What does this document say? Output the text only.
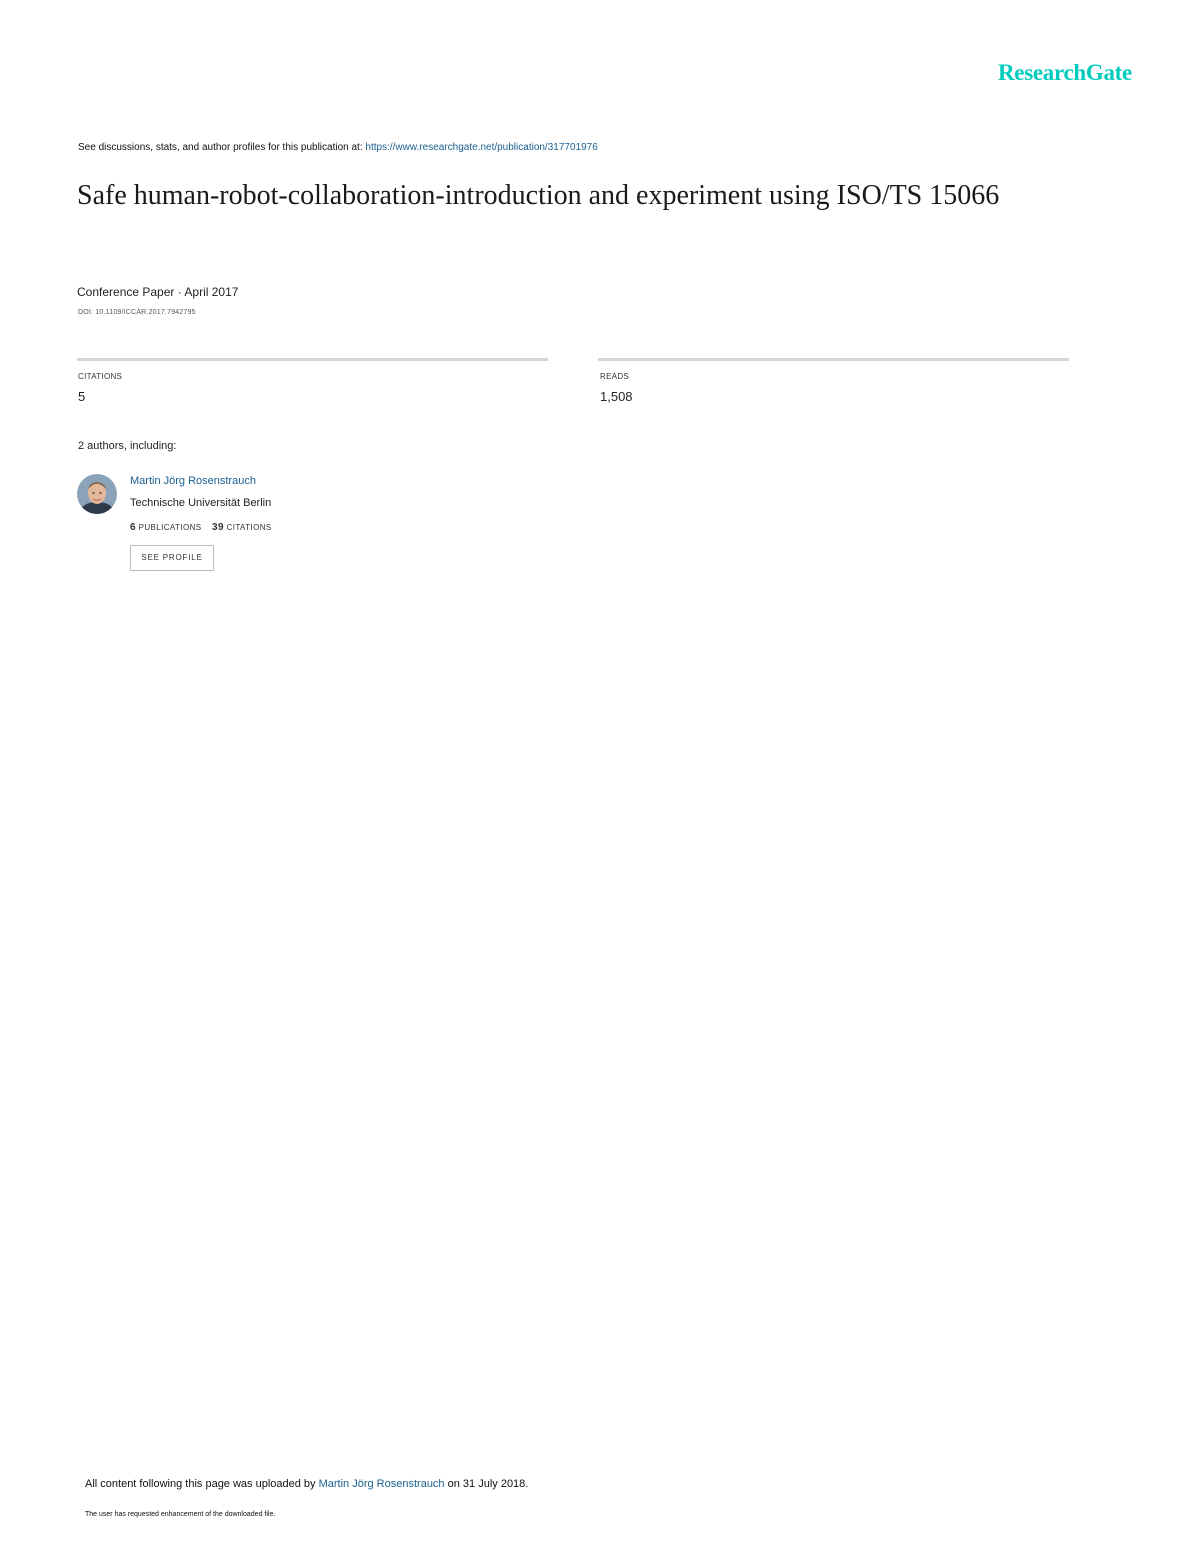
ResearchGate
See discussions, stats, and author profiles for this publication at: https://www.researchgate.net/publication/317701976
Safe human-robot-collaboration-introduction and experiment using ISO/TS 15066
Conference Paper · April 2017
DOI: 10.1109/ICCAR.2017.7942795
CITATIONS
5
READS
1,508
2 authors, including:
Martin Jörg Rosenstrauch
Technische Universität Berlin
6 PUBLICATIONS 39 CITATIONS
SEE PROFILE
All content following this page was uploaded by Martin Jörg Rosenstrauch on 31 July 2018.
The user has requested enhancement of the downloaded file.
